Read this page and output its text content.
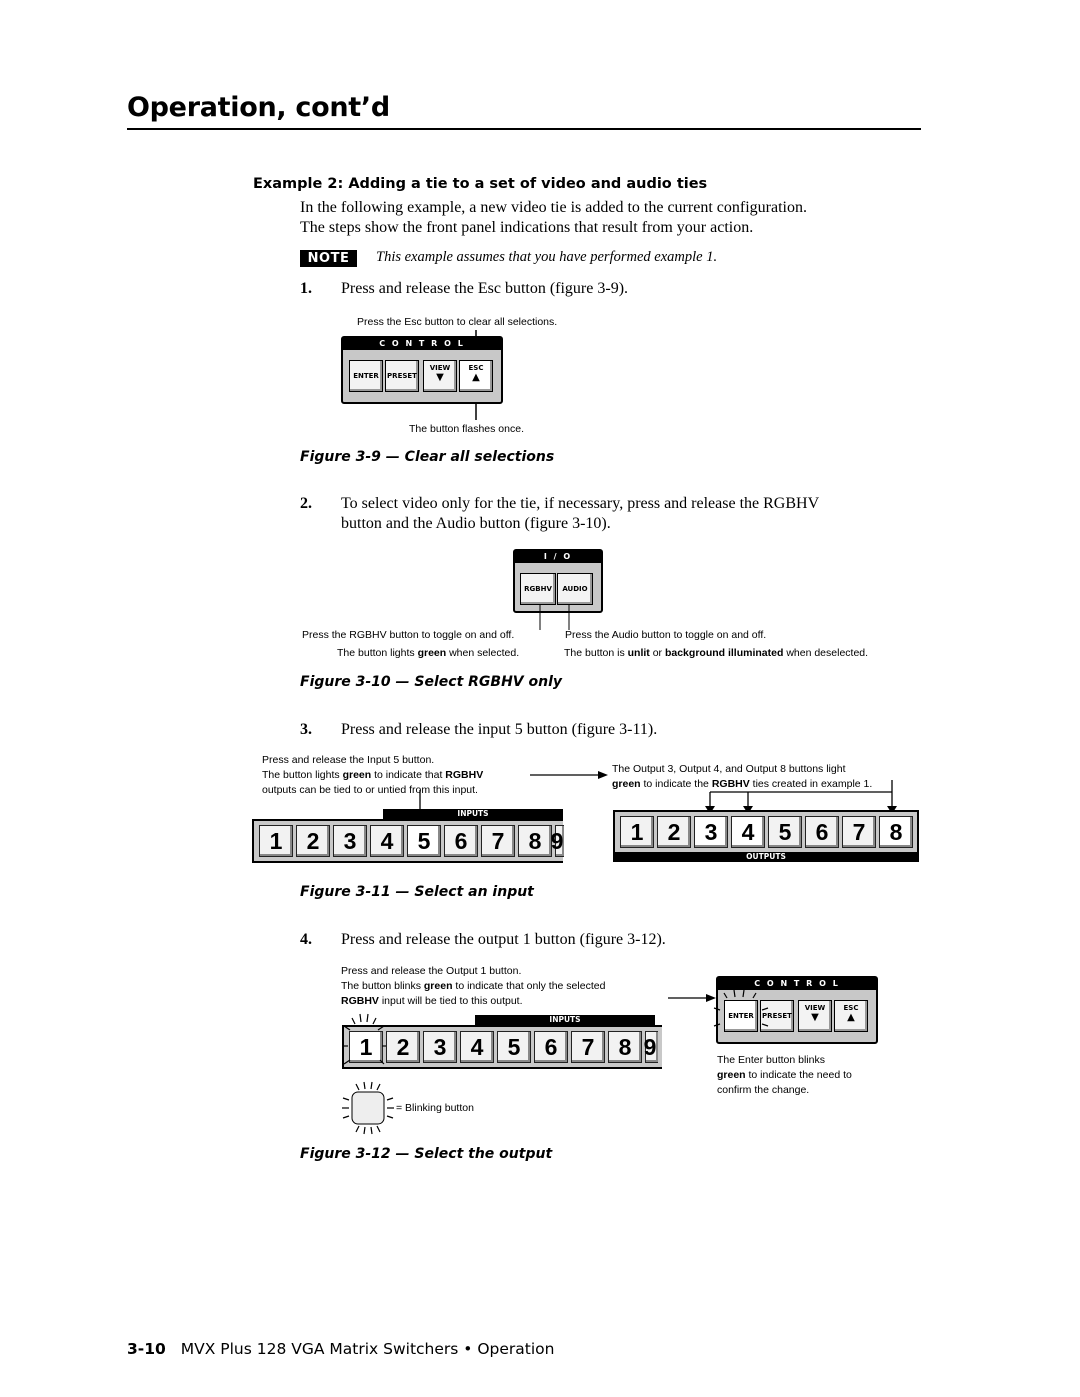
Operation, cont’d
Example 2: Adding a tie to a set of video and audio ties
In the following example, a new video tie is added to the current configuration.
The steps show the front panel indications that result from your action.
NOTE	This example assumes that you have performed example 1.
1. Press and release the Esc button (figure 3-9).
Press the Esc button to clear all selections.
C O N T R O L
ENTER	PRESET
VIEW
▼
ESC
▲
The button flashes once.
Figure 3-9 — Clear all selections
2. To select video only for the tie, if necessary, press and release the RGBHV
button and the Audio button (figure 3-10).
I / O
RGBHV	AUDIO
Press the RGBHV button to toggle on and off.
The button lights green when selected.
Press the Audio button to toggle on and off.
The button is unlit or background illuminated when deselected.
Figure 3-10 — Select RGBHV only
3. Press and release the input 5 button (figure 3-11).
Press and release the Input 5 button.
The button lights green to indicate that RGBHV
outputs can be tied to or untied from this input.
The Output 3, Output 4, and Output 8 buttons light
green to indicate the RGBHV ties created in example 1.
INPUTS
1	2	3	4	5	6	7	8 9	1	2	3	4	5	6	7	8
OUTPUTS
Figure 3-11 — Select an input
4. Press and release the output 1 button (figure 3-12).
Press and release the Output 1 button.
The button blinks green to indicate that only the selected
RGBHV input will be tied to this output.
INPUTS
1	2	3	4	5	6	7	8 9
= Blinking button
C O N T R O L
ENTER	PRESET
VIEW
▼
ESC
▲
The Enter button blinks
green to indicate the need to
confirm the change.
Figure 3-12 — Select the output
3-10 MVX Plus 128 VGA Matrix Switchers • Operation
